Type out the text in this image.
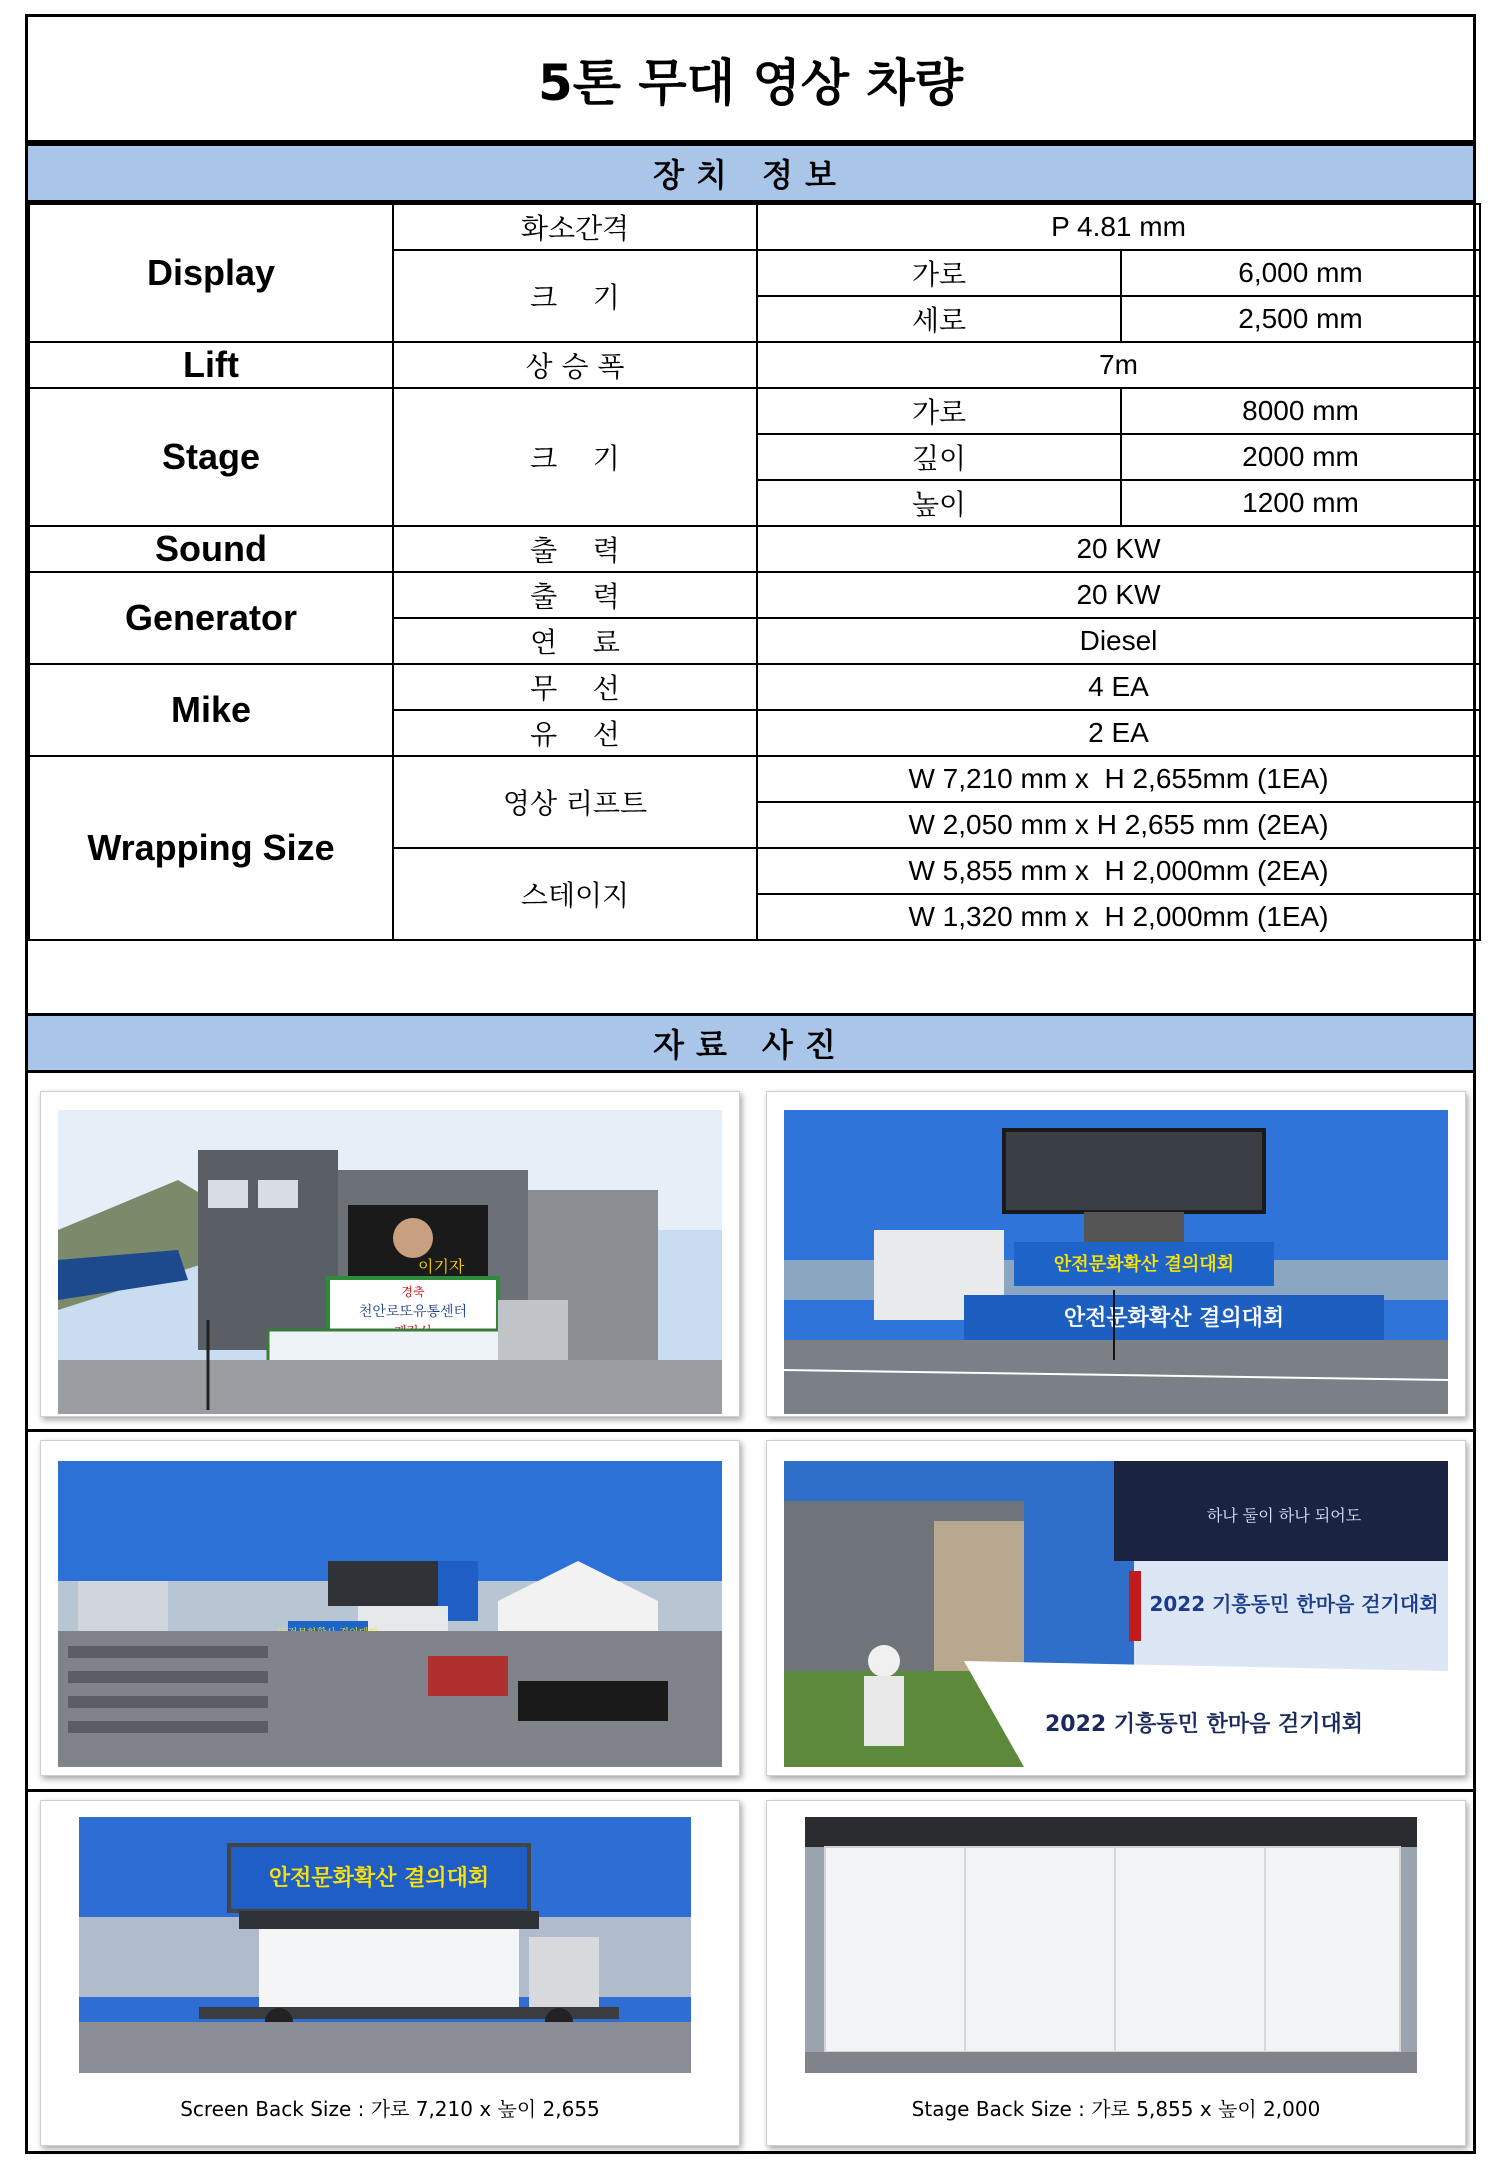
5톤 무대 영상 차량
장치 정보
Display	화소간격	P 4.81 mm	
	크    기	가로	6,000 mm
		세로	2,500 mm
Lift	상 승 폭	7m	
Stage	크    기	가로	8000 mm
		깊이	2000 mm
		높이	1200 mm
Sound	출    력	20 KW	
Generator	출    력	20 KW	
	연    료	Diesel	
Mike	무    선	4 EA	
	유    선	2 EA	
Wrapping Size	영상 리프트	W 7,210 mm x  H 2,655mm (1EA)	
		W 2,050 mm x H 2,655 mm (2EA)	
	스테이지	W 5,855 mm x  H 2,000mm (2EA)	
		W 1,320 mm x  H 2,000mm (1EA)	
자료 사진
이기자
경축
천안로또유통센터
안전문화확산 결의대회
안전문화확산 결의대회
하나 둘이 하나 되어도
2022 기흥동민 한마음 걷기대회
2022 기흥동민 한마음 걷기대회
안전문화확산 결의대회
Screen Back Size : 가로 7,210 x 높이 2,655	Stage Back Size : 가로 5,855 x 높이 2,000
